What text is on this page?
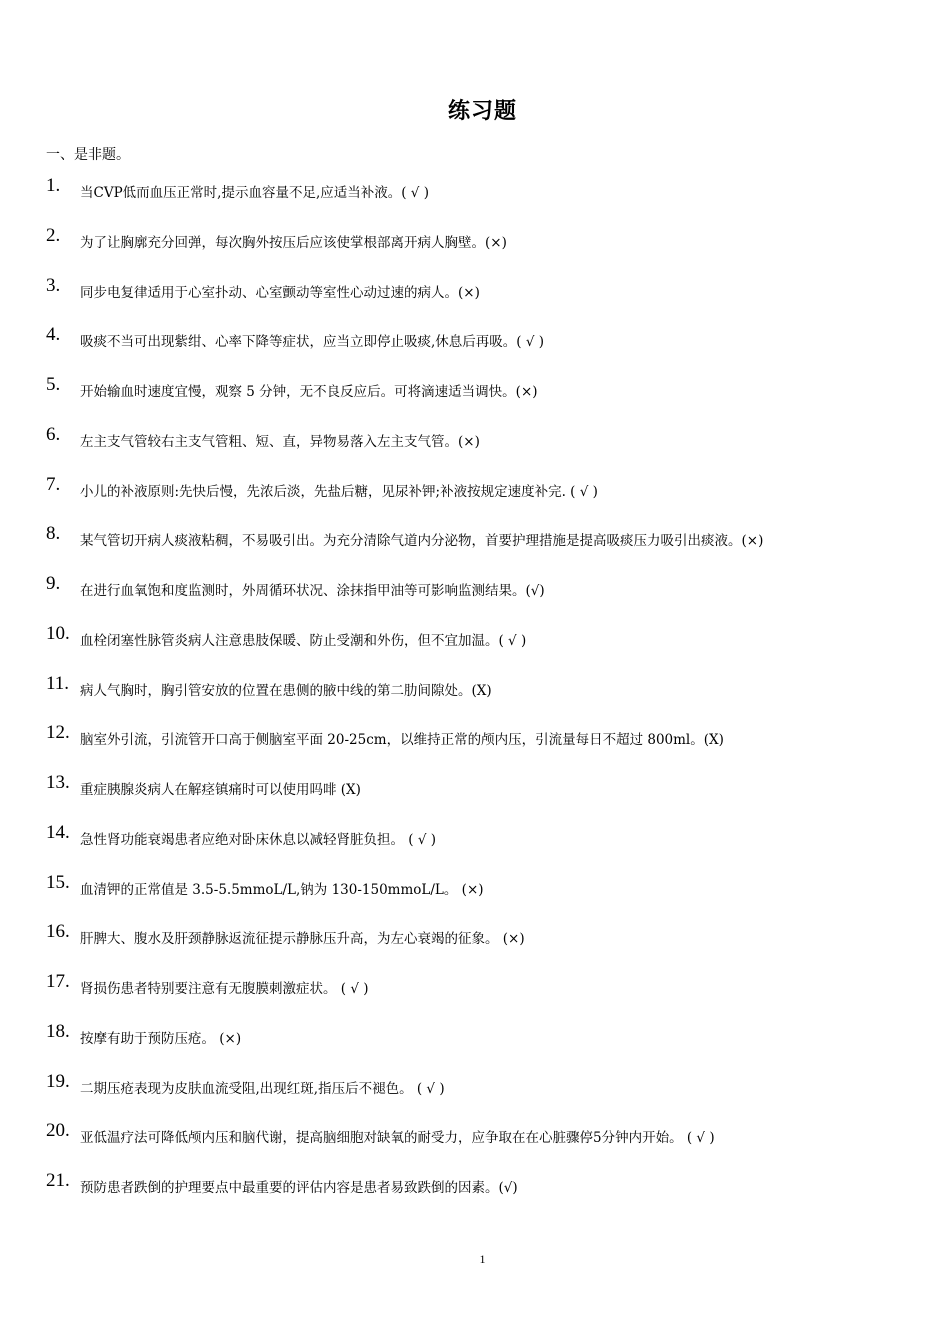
练习题
一、是非题。
1. 当CVP低而血压正常时,提示血容量不足,应适当补液。( √ )
2. 为了让胸廓充分回弹，每次胸外按压后应该使掌根部离开病人胸壁。(×)
3. 同步电复律适用于心室扑动、心室颤动等室性心动过速的病人。(×)
4. 吸痰不当可出现紫绀、心率下降等症状，应当立即停止吸痰,休息后再吸。( √ )
5. 开始输血时速度宜慢，观察 5 分钟，无不良反应后。可将滴速适当调快。(×)
6. 左主支气管较右主支气管粗、短、直，异物易落入左主支气管。(×)
7. 小儿的补液原则:先快后慢，先浓后淡，先盐后糖，见尿补钾;补液按规定速度补完. ( √ )
8. 某气管切开病人痰液粘稠，不易吸引出。为充分清除气道内分泌物，首要护理措施是提高吸痰压力吸引出痰液。(×)
9. 在进行血氧饱和度监测时，外周循环状况、涂抹指甲油等可影响监测结果。(√)
10. 血栓闭塞性脉管炎病人注意患肢保暖、防止受潮和外伤，但不宜加温。( √ )
11. 病人气胸时，胸引管安放的位置在患侧的腋中线的第二肋间隙处。(X)
12. 脑室外引流，引流管开口高于侧脑室平面 20-25cm，以维持正常的颅内压，引流量每日不超过 800ml。(X)
13. 重症胰腺炎病人在解痉镇痛时可以使用吗啡 (X)
14. 急性肾功能衰竭患者应绝对卧床休息以减轻肾脏负担。 ( √ )
15. 血清钾的正常值是 3.5-5.5mmoL/L,钠为 130-150mmoL/L。 (×)
16. 肝脾大、腹水及肝颈静脉返流征提示静脉压升高，为左心衰竭的征象。 (×)
17. 肾损伤患者特别要注意有无腹膜刺激症状。 ( √ )
18. 按摩有助于预防压疮。 (×)
19. 二期压疮表现为皮肤血流受阻,出现红斑,指压后不褪色。 ( √ )
20. 亚低温疗法可降低颅内压和脑代谢，提高脑细胞对缺氧的耐受力，应争取在在心脏骤停5分钟内开始。 ( √ )
21. 预防患者跌倒的护理要点中最重要的评估内容是患者易致跌倒的因素。(√)
1
